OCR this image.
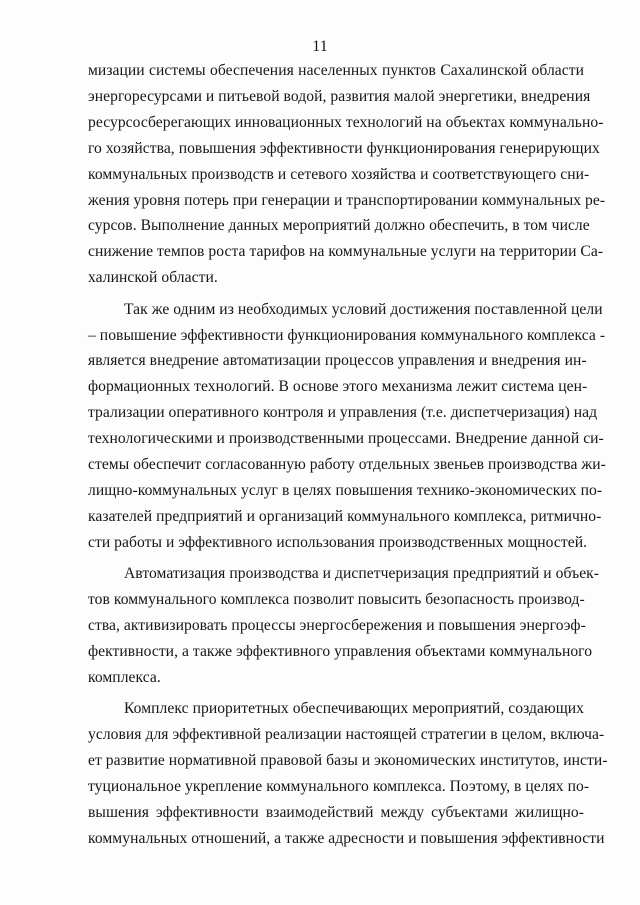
11
мизации системы обеспечения населенных пунктов Сахалинской области
энергоресурсами и питьевой водой, развития малой энергетики, внедрения
ресурсосберегающих инновационных технологий на объектах коммунально-
го хозяйства, повышения эффективности функционирования генерирующих
коммунальных производств и сетевого хозяйства и соответствующего сни-
жения уровня потерь при генерации и транспортировании коммунальных ре-
сурсов. Выполнение данных мероприятий должно обеспечить, в том числе
снижение темпов роста тарифов на коммунальные услуги на территории Са-
халинской области.
Так же одним из необходимых условий достижения поставленной цели
– повышение эффективности функционирования коммунального комплекса -
является внедрение автоматизации процессов управления и внедрения ин-
формационных технологий. В основе этого механизма лежит система цен-
трализации оперативного контроля и управления (т.е. диспетчеризация) над
технологическими и производственными процессами. Внедрение данной си-
стемы обеспечит согласованную работу отдельных звеньев производства жи-
лищно-коммунальных услуг в целях повышения технико-экономических по-
казателей предприятий и организаций коммунального комплекса, ритмично-
сти работы и эффективного использования производственных мощностей.
Автоматизация производства и диспетчеризация предприятий и объек-
тов коммунального комплекса позволит повысить безопасность производ-
ства, активизировать процессы энергосбережения и повышения энергоэф-
фективности, а также эффективного управления объектами коммунального
комплекса.
Комплекс приоритетных обеспечивающих мероприятий, создающих
условия для эффективной реализации настоящей стратегии в целом, включа-
ет развитие нормативной правовой базы и экономических институтов, инсти-
туциональное укрепление коммунального комплекса. Поэтому, в целях по-
вышения эффективности взаимодействий между субъектами жилищно-
коммунальных отношений, а также адресности и повышения эффективности
